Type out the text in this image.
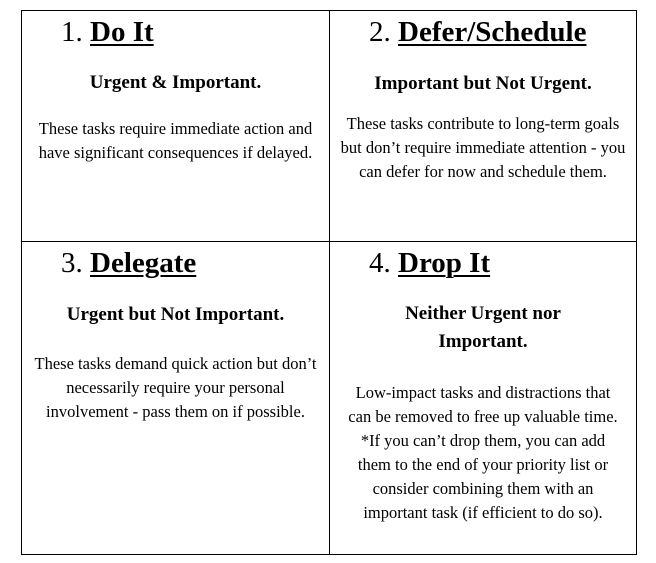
1. Do It
Urgent & Important.
These tasks require immediate action and have significant consequences if delayed.
2. Defer/Schedule
Important but Not Urgent.
These tasks contribute to long-term goals but don’t require immediate attention - you can defer for now and schedule them.
3. Delegate
Urgent but Not Important.
These tasks demand quick action but don’t necessarily require your personal involvement - pass them on if possible.
4. Drop It
Neither Urgent nor Important.
Low-impact tasks and distractions that can be removed to free up valuable time. *If you can’t drop them, you can add them to the end of your priority list or consider combining them with an important task (if efficient to do so).
